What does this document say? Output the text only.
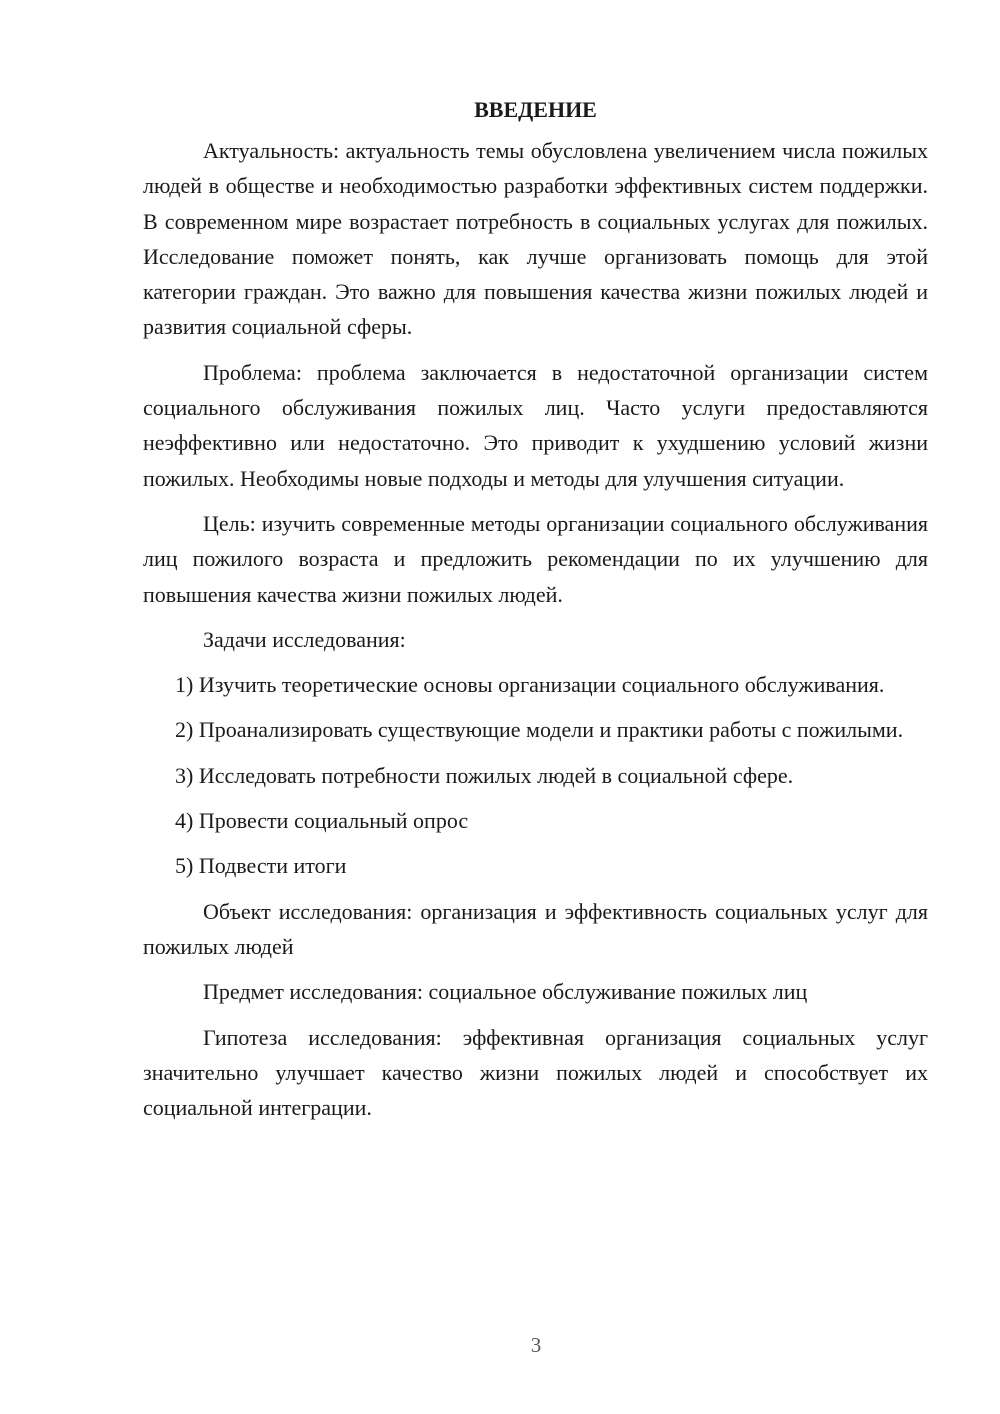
ВВЕДЕНИЕ

Актуальность: актуальность темы обусловлена увеличением числа пожилых людей в обществе и необходимостью разработки эффективных систем поддержки. В современном мире возрастает потребность в социальных услугах для пожилых. Исследование поможет понять, как лучше организовать помощь для этой категории граждан. Это важно для повышения качества жизни пожилых людей и развития социальной сферы.

Проблема: проблема заключается в недостаточной организации систем социального обслуживания пожилых лиц. Часто услуги предоставляются неэффективно или недостаточно. Это приводит к ухудшению условий жизни пожилых. Необходимы новые подходы и методы для улучшения ситуации.

Цель: изучить современные методы организации социального обслуживания лиц пожилого возраста и предложить рекомендации по их улучшению для повышения качества жизни пожилых людей.

Задачи исследования:

1) Изучить теоретические основы организации социального обслуживания.

2) Проанализировать существующие модели и практики работы с пожилыми.

3) Исследовать потребности пожилых людей в социальной сфере.

4) Провести социальный опрос

5) Подвести итоги

Объект исследования: организация и эффективность социальных услуг для пожилых людей

Предмет исследования: социальное обслуживание пожилых лиц

Гипотеза исследования: эффективная организация социальных услуг значительно улучшает качество жизни пожилых людей и способствует их социальной интеграции.

3
